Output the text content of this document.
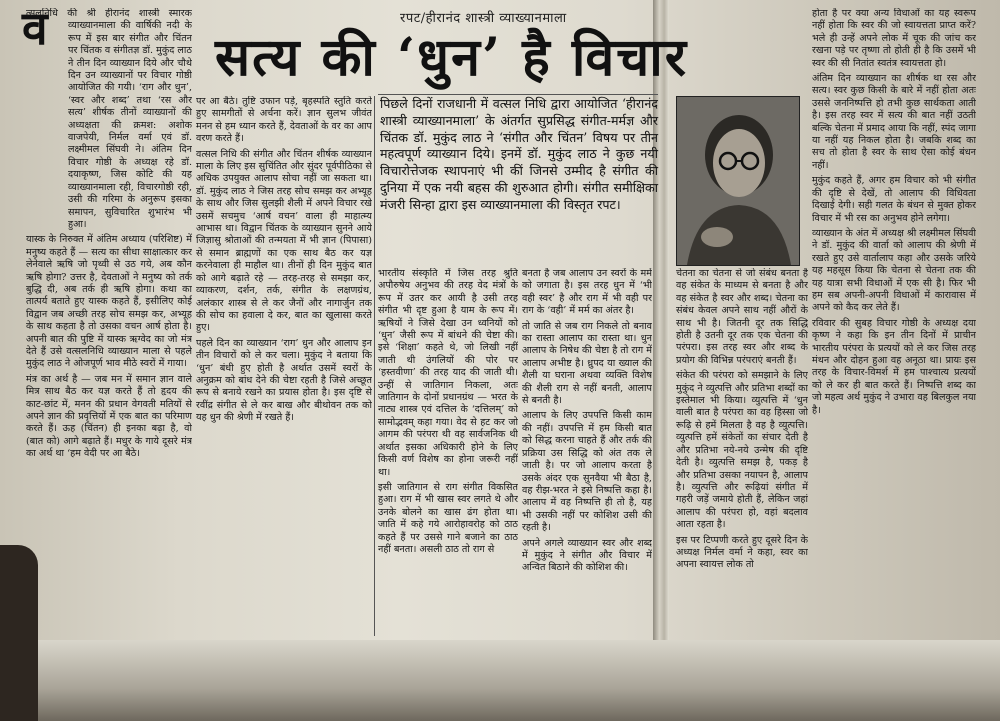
रपट/हीरानंद शास्त्री व्याख्यानमाला
सत्य की ‘धुन’ है विचार
पिछले दिनों राजधानी में वत्सल निधि द्वारा आयोजित ‘हीरानंद शास्त्री व्याख्यानमाला’ के अंतर्गत सुप्रसिद्ध संगीत-मर्मज्ञ और चिंतक डॉ. मुकुंद लाठ ने ‘संगीत और चिंतन’ विषय पर तीन महत्वपूर्ण व्याख्यान दिये। इनमें डॉ. मुकुंद लाठ ने कुछ नयी विचारोत्तेजक स्थापनाएं भी कीं जिनसे उम्मीद है संगीत की दुनिया में एक नयी बहस की शुरुआत होगी। संगीत समीक्षिका मंजरी सिन्हा द्वारा इस व्याख्यानमाला की विस्तृत रपट।
व

त्सलनिधि की श्री हीरानंद शास्त्री स्मारक व्याख्यानमाला की वार्षिकी नदी के रूप में इस बार संगीत और चिंतन पर चिंतक व संगीतज्ञ डॉ. मुकुंद लाठ ने तीन दिन व्याख्यान दिये और चौथे दिन उन व्याख्यानों पर विचार गोष्ठी आयोजित की गयी। ‘राग और धुन’, ‘स्वर और शब्द’ तथा ‘रस और सत्य’ शीर्षक तीनों व्याख्यानों की अध्यक्षता की क्रमश: अशोक वाजपेयी, निर्मल वर्मा एवं डॉ. लक्ष्मीमल सिंघवी ने। अंतिम दिन विचार गोष्ठी के अध्यक्ष रहे डॉ. दयाकृष्ण, जिस कोटि की यह व्याख्यानमाला रही, विचारगोष्ठी रही, उसी की गरिमा के अनुरूप इसका समापन, सुविचारित शुभारंभ भी हुआ।

यास्क के निरुक्त में अंतिम अध्याय (परिशिष्ट) में मनुष्य कहते हैं — सत्य का सीधा साक्षात्कार कर लेनेवाले ऋषि जो पृथ्वी से उठ गये, अब कौन ऋषि होगा? उत्तर है, देवताओं ने मनुष्य को तर्क बुद्धि दी, अब तर्क ही ऋषि होगा। कथा का तात्पर्य बताते हुए यास्क कहते हैं, इसीलिए कोई विद्वान जब अच्छी तरह सोच समझ कर, अभ्यूह के साथ कहता है तो उसका वचन आर्ष होता है। अपनी बात की पुष्टि में यास्क ऋग्वेद का जो मंत्र देते हैं उसे वत्सलनिधि व्याख्यान माला से पहले मुकुंद लाठ ने ओजपूर्ण भाव मीठे स्वरों में गाया।

मंत्र का अर्थ है — जब मन में समान ज्ञान वाले मित्र साथ बैठ कर यज्ञ करते हैं तो हृदय की काट-छांट में, मनन की प्रधान वेगवती मतियों से अपने ज्ञान की प्रवृत्तियों में एक बात का परिमाण करते हैं। ऊह (चिंतन) ही इनका बढ़ा है, वो (बात को) आगे बढ़ाते हैं। मधुर के गाये दूसरे मंत्र का अर्थ था ‘हम वेदी पर आ बैठे।

पर आ बैठे। तुष्टि उफान पड़े, बृहस्पति स्तुति करते हुए सामगीतों से अर्चना करें। ज्ञान सुलभ जीवंत मनन से हम ध्यान करते हैं, देवताओं के वर का आप वरण करते हैं।

वत्सल निधि की संगीत और चिंतन शीर्षक व्याख्यान माला के लिए इस सुचिंतित और सुंदर पूर्वपीठिका से अधिक उपयुक्त आलाप सोचा नहीं जा सकता था। डॉ. मुकुंद लाठ ने जिस तरह सोच समझ कर अभ्यूह के साथ और जिस सुलझी शैली में अपने विचार रखे उसमें सचमुच ‘आर्ष वचन’ वाला ही माहात्म्य आभास था। विद्वान चिंतक के व्याख्यान सुनने आये जिज्ञासु श्रोताओं की तन्मयता में भी ज्ञान (पिपासा) से समान ब्राह्मणों का एक साथ बैठ कर यज्ञ करनेवाला ही माहौल था। तीनों ही दिन मुकुंद बात को आगे बढ़ाते रहे — तरह-तरह से समझा कर, व्याकरण, दर्शन, तर्क, संगीत के लक्षणग्रंथ, अलंकार शास्त्र से ले कर जैनों और नागार्जुन तक की सोच का हवाला दे कर, बात का खुलासा करते हुए।

पहले दिन का व्याख्यान ‘राग’ धुन और आलाप इन तीन विचारों को ले कर चला। मुकुंद ने बताया कि ‘धुन’ बंधी हुए होती है अर्थात उसमें स्वरों के अनुक्रम को बांध देने की चेष्टा रहती है जिसे अच्छूत रूप से बनाये रखने का प्रयास होता है। इस दृष्टि से रवींद्र संगीत से ले कर बाख और बीथोवन तक को यह धुन की श्रेणी में रखते हैं।

भारतीय संस्कृति में जिस तरह श्रुति अपौरुषेय अनुभव की तरह वेद मंत्रों के रूप में उतर कर आयी है उसी तरह संगीत भी दृष्ट हुआ है याम के रूप में। ऋषियों ने जिसे देखा उन ध्वनियों को ‘धुन’ जैसी रूप में बांधने की चेष्टा की। इसे ‘शिक्षा’ कहते थे, जो लिखी नहीं जाती थी उंगलियों की पोर पर ‘हस्तवीणा’ की तरह याद की जाती थी। उन्हीं से जातिगान निकला, अतः जातिगान के दोनों प्रधानग्रंथ — भरत के नाट्य शास्त्र एवं दत्तिल के ‘दत्तिलम्’ को सामोद्भवम् कहा गया। वेद से हट कर जो आगम की परंपरा थी वह सार्वजनिक थी अर्थात इसका अधिकारी होने के लिए किसी वर्ण विशेष का होना जरूरी नहीं था।

इसी जातिगान से राग संगीत विकसित हुआ। राग में भी खास स्वर लगते थे और उनके बोलने का खास ढंग होता था। जाति में कहे गये आरोहावरोह को ठाठ कहते हैं पर उससे गाने बजाने का ठाठ नहीं बनता। असली ठाठ तो राग से

बनता है जब आलाप उन स्वरों के मर्म को जगाता है। इस तरह धुन में ‘भी वही स्वर’ है और राग में भी वही पर राग के ‘वही’ में मर्म का अंतर है।

तो जाति से जब राग निकले तो बनाव का रास्ता आलाप का रास्ता था। धुन आलाप के निषेध की चेष्टा है तो राग में आलाप अभीष्ट है। ध्रुपद या ख्याल की शैली या घराना अथवा व्यक्ति विशेष की शैली राग से नहीं बनती, आलाप से बनती है।

आलाप के लिए उपपत्ति किसी काम की नहीं। उपपत्ति में हम किसी बात को सिद्ध करना चाहते हैं और तर्क की प्रक्रिया उस सिद्धि को अंत तक ले जाती है। पर जो आलाप करता है उसके अंदर एक सुनवैया भी बैठा है, वह रीझ-भरत ने इसे निष्पत्ति कहा है। आलाप में वह निष्पत्ति ही तो है, यह भी उसकी नहीं पर कोशिश उसी की रहती है।

अपने अगले व्याख्यान स्वर और शब्द में मुकुंद ने संगीत और विचार में अन्वित बिठाने की कोशिश की।

चेतना का चेतना से जो संबंध बनता है वह संकेत के माध्यम से बनता है और वह संकेत है स्वर और शब्द। चेतना का संबंध केवल अपने साथ नहीं औरों के साथ भी है। जितनी दूर तक सिद्धि होती है उतनी दूर तक एक चेतना की परंपरा। इस तरह स्वर और शब्द के प्रयोग की विभिन्न परंपराएं बनती हैं।

संकेत की परंपरा को समझाने के लिए मुकुंद ने व्युत्पत्ति और प्रतिभा शब्दों का इस्तेमाल भी किया। व्युत्पत्ति में ‘धुन वाली बात है परंपरा का वह हिस्सा जो रूढ़ि से हमें मिलता है वह है व्युत्पत्ति। व्युत्पत्ति हमें संकेतों का संचार देती है और प्रतिभा नये-नये उन्मेष की दृष्टि देती है। व्युत्पत्ति समझ है, पकड़ है और प्रतिभा उसका नयापन है, आलाप है। व्युत्पत्ति और रूढ़ियां संगीत में गहरी जड़ें जमाये होती हैं, लेकिन जहां आलाप की परंपरा हो, वहां बदलाव आता रहता है।

इस पर टिप्पणी करते हुए दूसरे दिन के अध्यक्ष निर्मल वर्मा ने कहा, स्वर का अपना स्वायत्त लोक तो

होता है पर क्या अन्य विधाओं का यह स्वरूप नहीं होता कि स्वर की जो स्वायत्तता प्राप्त करें? भले ही उन्हें अपने लोक में चूक की जांच कर रखना पड़े पर तृष्णा तो होती ही है कि उसमें भी स्वर की सी नितांत स्वतंत्र स्वायत्तता हो।

अंतिम दिन व्याख्यान का शीर्षक था रस और सत्य। स्वर कुछ किसी के बारे में नहीं होता अतः उससे जननिष्पत्ति हो तभी कुछ सार्थकता आती है। इस तरह स्वर में सत्य की बात नहीं उठती बल्कि चेतना में प्रमाद आया कि नहीं, स्पंद जागा या नहीं यह निकल होता है। जबकि शब्द का सच तो होता है स्वर के साथ ऐसा कोई बंधन नहीं।

मुकुंद कहते हैं, अगर हम विचार को भी संगीत की दृष्टि से देखें, तो आलाप की विधिवता दिखाई देगी। सही गलत के बंधन से मुक्त होकर विचार में भी रस का अनुभव होने लगेगा।

व्याख्यान के अंत में अध्यक्ष श्री लक्ष्मीमल सिंघवी ने डॉ. मुकुंद की वार्ता को आलाप की श्रेणी में रखते हुए उसे वार्तालाप कहा और उसके जरिये यह महसूस किया कि चेतना से चेतना तक की यह यात्रा सभी विधाओं में एक सी है। फिर भी हम सब अपनी-अपनी विधाओं में कारावास में अपने को कैद कर लेते हैं।

रविवार की सुबह विचार गोष्ठी के अध्यक्ष दया कृष्ण ने कहा कि इन तीन दिनों में प्राचीन भारतीय परंपरा के प्रत्ययों को ले कर जिस तरह मंथन और दोहन हुआ वह अनूठा था। प्रायः इस तरह के विचार-विमर्श में हम पाश्चात्य प्रत्ययों को ले कर ही बात करते हैं। निष्पत्ति शब्द का जो महत्व अर्थ मुकुंद ने उभारा वह बिलकुल नया है।
